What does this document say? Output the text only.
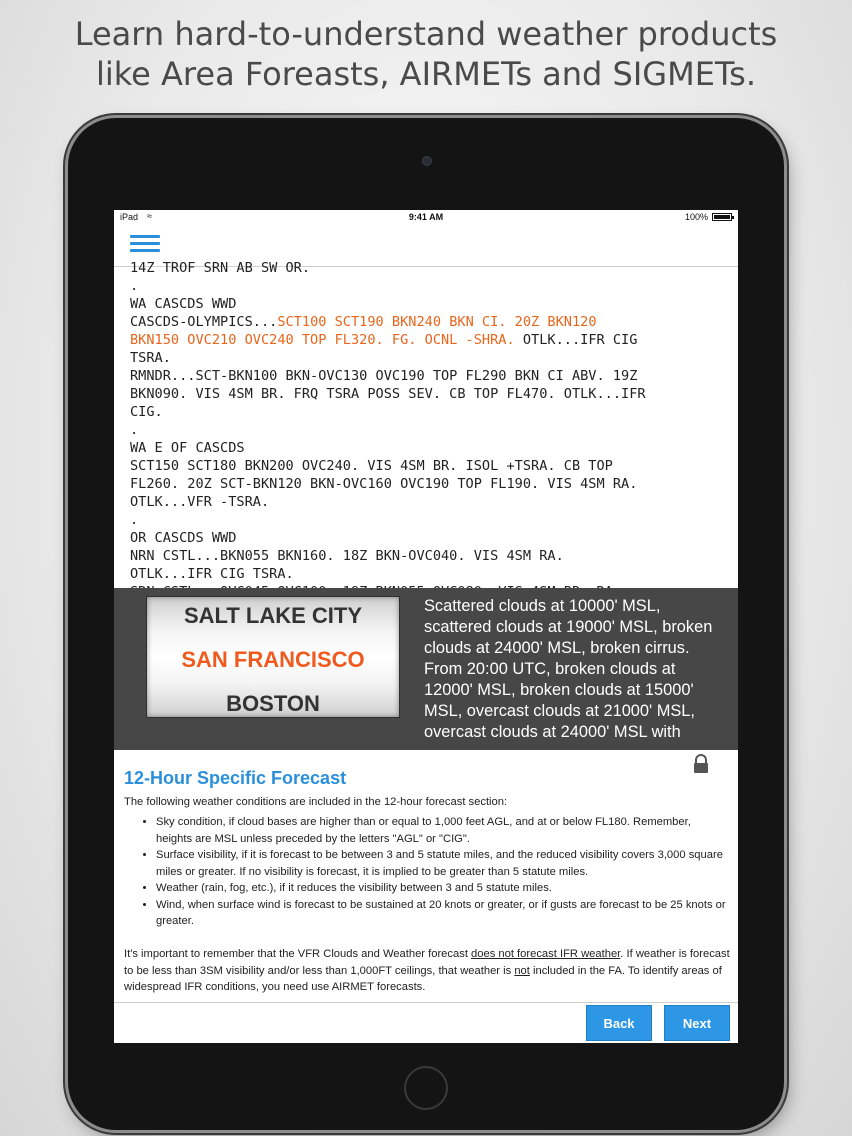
Learn hard-to-understand weather products
like Area Foreasts, AIRMETs and SIGMETs.
iPad ≈	9:41 AM	100%
14Z TROF SRN AB SW OR.
.
WA CASCDS WWD
CASCDS-OLYMPICS...SCT100 SCT190 BKN240 BKN CI. 20Z BKN120
BKN150 OVC210 OVC240 TOP FL320. FG. OCNL -SHRA. OTLK...IFR CIG
TSRA.
RMNDR...SCT-BKN100 BKN-OVC130 OVC190 TOP FL290 BKN CI ABV. 19Z
BKN090. VIS 4SM BR. FRQ TSRA POSS SEV. CB TOP FL470. OTLK...IFR
CIG.
.
WA E OF CASCDS
SCT150 SCT180 BKN200 OVC240. VIS 4SM BR. ISOL +TSRA. CB TOP
FL260. 20Z SCT-BKN120 BKN-OVC160 OVC190 TOP FL190. VIS 4SM RA.
OTLK...VFR -TSRA.
.
OR CASCDS WWD
NRN CSTL...BKN055 BKN160. 18Z BKN-OVC040. VIS 4SM RA.
OTLK...IFR CIG TSRA.
SALT LAKE CITY
SAN FRANCISCO
BOSTON
Scattered clouds at 10000' MSL, scattered clouds at 19000' MSL, broken clouds at 24000' MSL, broken cirrus. From 20:00 UTC, broken clouds at 12000' MSL, broken clouds at 15000' MSL, overcast clouds at 21000' MSL, overcast clouds at 24000' MSL with
12-Hour Specific Forecast
The following weather conditions are included in the 12-hour forecast section:
• Sky condition, if cloud bases are higher than or equal to 1,000 feet AGL, and at or below FL180. Remember, heights are MSL unless preceded by the letters "AGL" or "CIG".
• Surface visibility, if it is forecast to be between 3 and 5 statute miles, and the reduced visibility covers 3,000 square miles or greater. If no visibility is forecast, it is implied to be greater than 5 statute miles.
• Weather (rain, fog, etc.), if it reduces the visibility between 3 and 5 statute miles.
• Wind, when surface wind is forecast to be sustained at 20 knots or greater, or if gusts are forecast to be 25 knots or greater.
It's important to remember that the VFR Clouds and Weather forecast does not forecast IFR weather. If weather is forecast to be less than 3SM visibility and/or less than 1,000FT ceilings, that weather is not included in the FA. To identify areas of widespread IFR conditions, you need use AIRMET forecasts.
Back	Next
